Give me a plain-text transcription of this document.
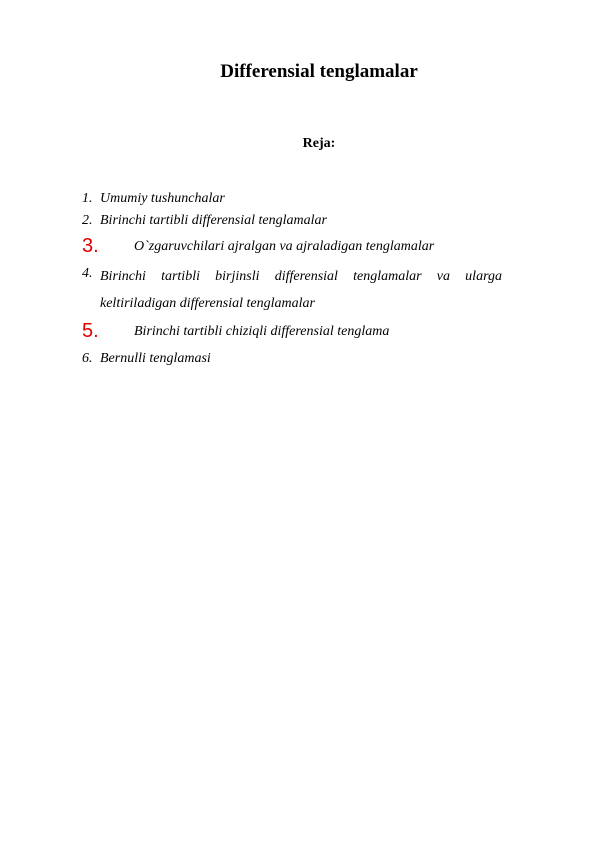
Differensial tenglamalar
Reja:
1. Umumiy tushunchalar
2. Birinchi tartibli differensial tenglamalar
3.	O`zgaruvchilari ajralgan va ajraladigan tenglamalar
4. Birinchi tartibli birjinsli differensial tenglamalar va ularga keltiriladigan differensial tenglamalar
5.	Birinchi tartibli chiziqli differensial tenglama
6. Bernulli tenglamasi
